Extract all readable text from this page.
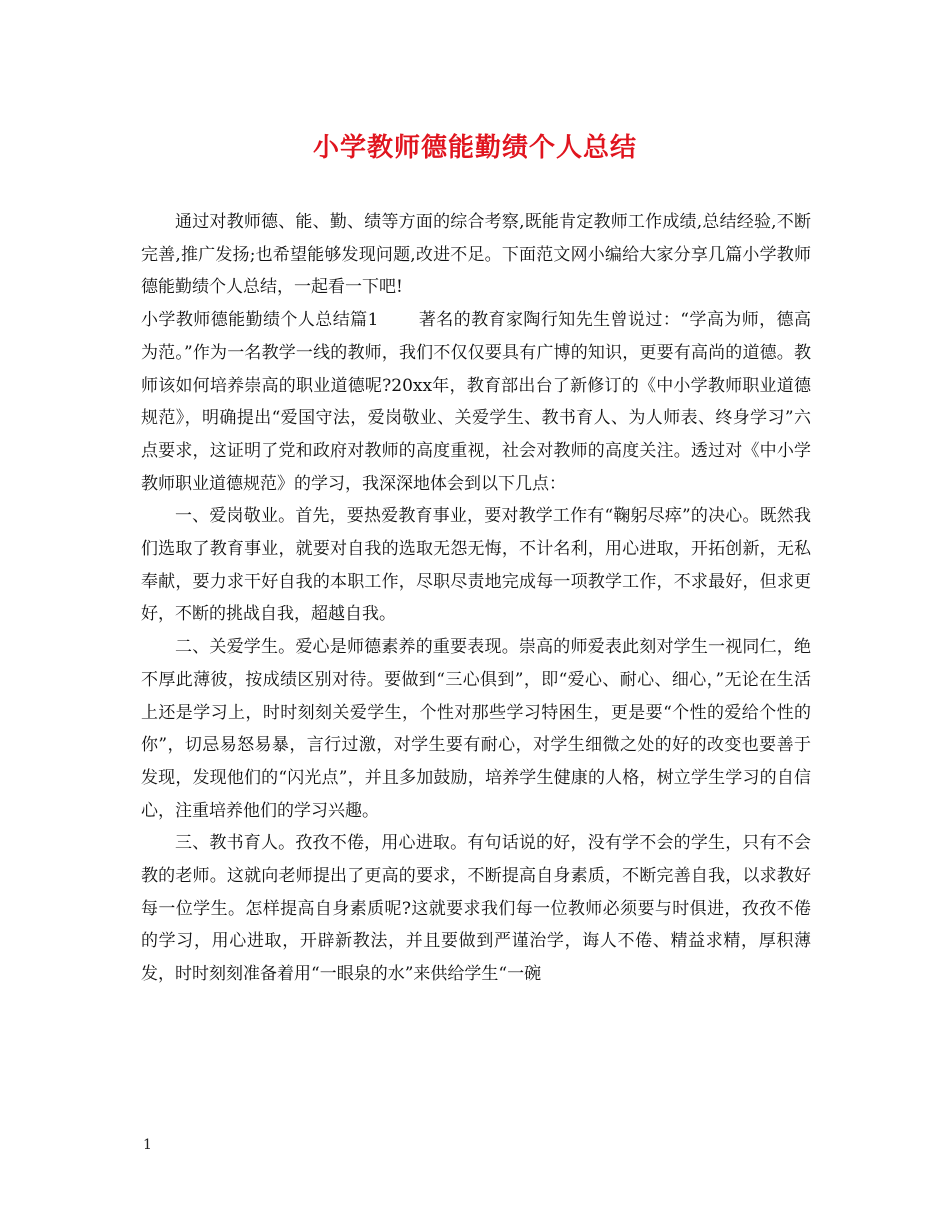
小学教师德能勤绩个人总结

通过对教师德、能、勤、绩等方面的综合考察,既能肯定教师工作成绩,总结经验,不断完善,推广发扬;也希望能够发现问题,改进不足。下面范文网小编给大家分享几篇小学教师德能勤绩个人总结，一起看一下吧!

小学教师德能勤绩个人总结篇1 著名的教育家陶行知先生曾说过：“学高为师，德高为范。”作为一名教学一线的教师，我们不仅仅要具有广博的知识，更要有高尚的道德。教师该如何培养崇高的职业道德呢?20xx年，教育部出台了新修订的《中小学教师职业道德规范》，明确提出“爱国守法，爱岗敬业、关爱学生、教书育人、为人师表、终身学习”六点要求，这证明了党和政府对教师的高度重视，社会对教师的高度关注。透过对《中小学教师职业道德规范》的学习，我深深地体会到以下几点：

一、爱岗敬业。首先，要热爱教育事业，要对教学工作有“鞠躬尽瘁”的决心。既然我们选取了教育事业，就要对自我的选取无怨无悔，不计名利，用心进取，开拓创新，无私奉献，要力求干好自我的本职工作，尽职尽责地完成每一项教学工作，不求最好，但求更好，不断的挑战自我，超越自我。

二、关爱学生。爱心是师德素养的重要表现。崇高的师爱表此刻对学生一视同仁，绝不厚此薄彼，按成绩区别对待。要做到“三心俱到”，即“爱心、耐心、细心，”无论在生活上还是学习上，时时刻刻关爱学生，个性对那些学习特困生，更是要“个性的爱给个性的你”，切忌易怒易暴，言行过激，对学生要有耐心，对学生细微之处的好的改变也要善于发现，发现他们的“闪光点”，并且多加鼓励，培养学生健康的人格，树立学生学习的自信心，注重培养他们的学习兴趣。

三、教书育人。孜孜不倦，用心进取。有句话说的好，没有学不会的学生，只有不会教的老师。这就向老师提出了更高的要求，不断提高自身素质，不断完善自我，以求教好每一位学生。怎样提高自身素质呢?这就要求我们每一位教师必须要与时俱进，孜孜不倦的学习，用心进取，开辟新教法，并且要做到严谨治学，诲人不倦、精益求精，厚积薄发，时时刻刻准备着用“一眼泉的水”来供给学生“一碗

1
